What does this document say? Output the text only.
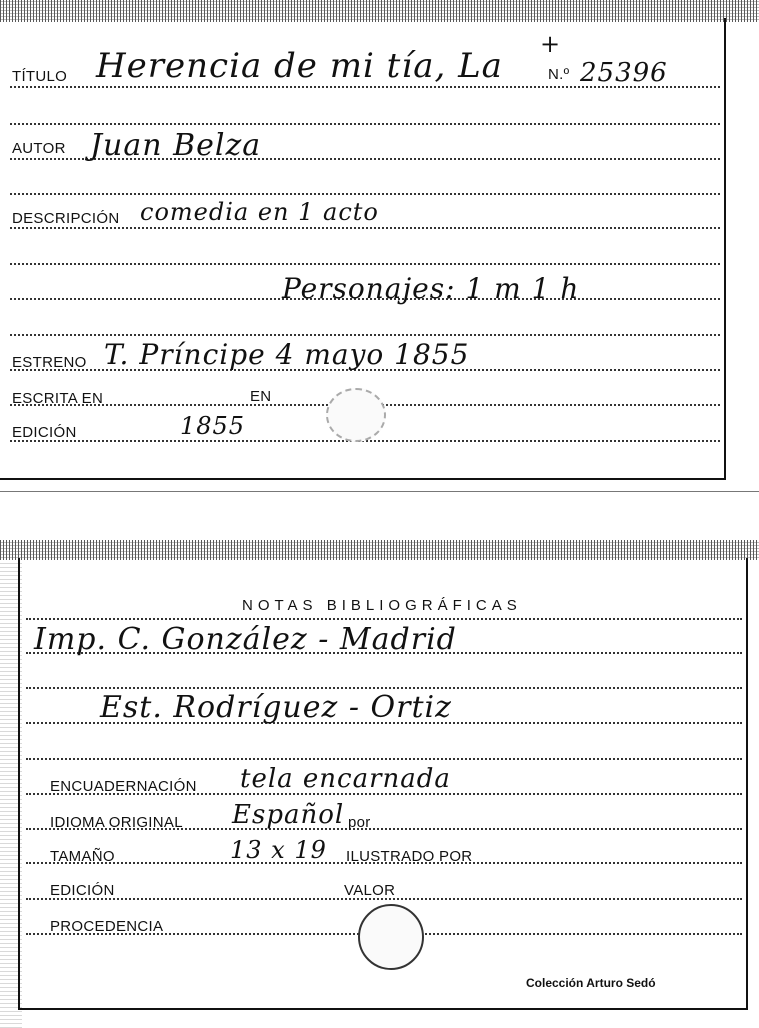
TÍTULO Herencia de mi tía, La
+
N.º 25396
AUTOR Juan Belza
DESCRIPCIÓN comedia en 1 acto
Personajes: 1 m 1 h
ESTRENO T. Príncipe 4 mayo 1855
ESCRITA EN	EN
EDICIÓN	1855
NOTAS BIBLIOGRÁFICAS
Imp. C. González - Madrid
Est. Rodríguez - Ortiz
ENCUADERNACIÓN tela encarnada
IDIOMA ORIGINAL Español por
TAMAÑO	13 x 19 ILUSTRADO POR
EDICIÓN	VALOR
PROCEDENCIA
Colección Arturo Sedó
